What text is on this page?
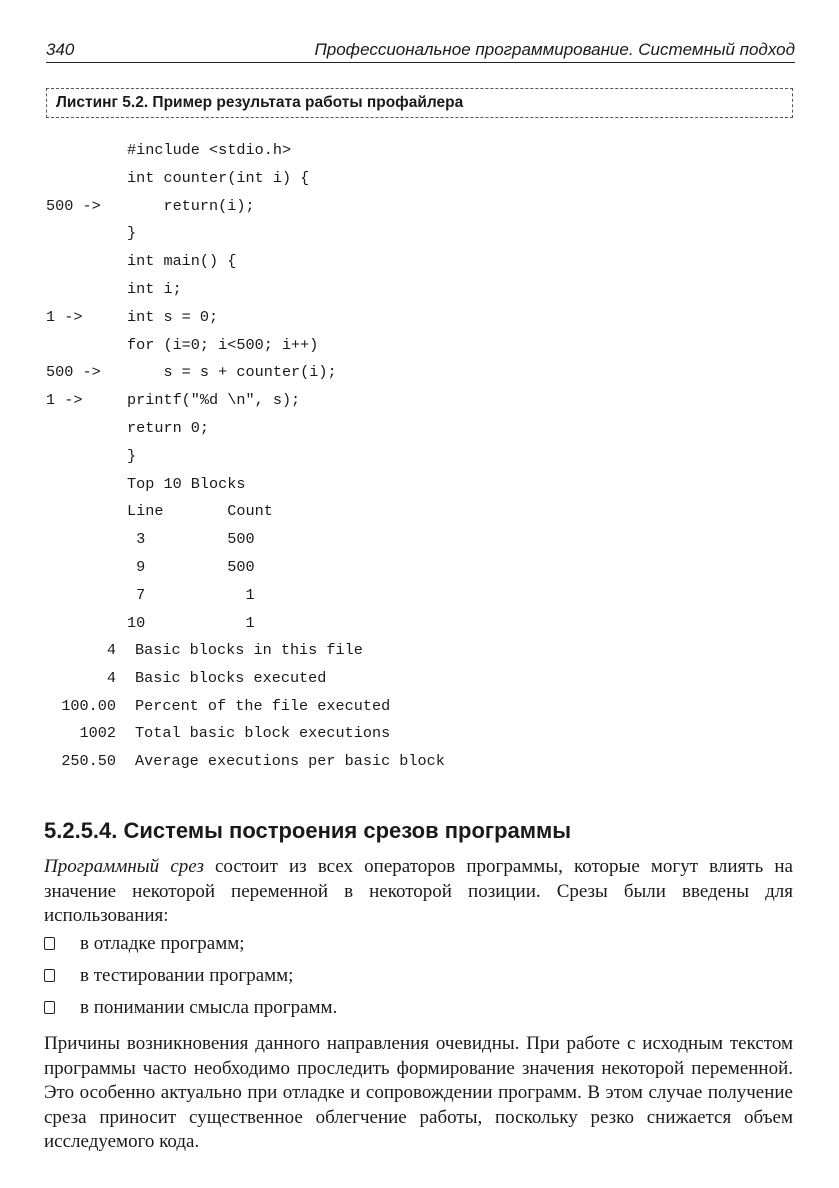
340	Профессиональное программирование. Системный подход
Листинг 5.2. Пример результата работы профайлера
#include <stdio.h>
int counter(int i) {
500 -> return(i);
}
int main() {
int i;
1 ->	int s = 0;
for (i=0; i<500; i++)
500 -> s = s + counter(i);
1 ->	printf("%d \n", s);
return 0;
}
Top 10 Blocks
Line       Count
3         500
9         500
7           1
10           1
4 Basic blocks in this file
4 Basic blocks executed
100.00 Percent of the file executed
1002 Total basic block executions
250.50 Average executions per basic block
5.2.5.4. Системы построения срезов программы

Программный срез состоит из всех операторов программы, которые могут влиять на значение некоторой переменной в некоторой позиции. Срезы были введены для использования:

в отладке программ;
в тестировании программ;
в понимании смысла программ.

Причины возникновения данного направления очевидны. При работе с исходным текстом программы часто необходимо проследить формирование значения некоторой переменной. Это особенно актуально при отладке и сопровождении программ. В этом случае получение среза приносит существенное облегчение работы, поскольку резко снижается объем исследуемого кода.
